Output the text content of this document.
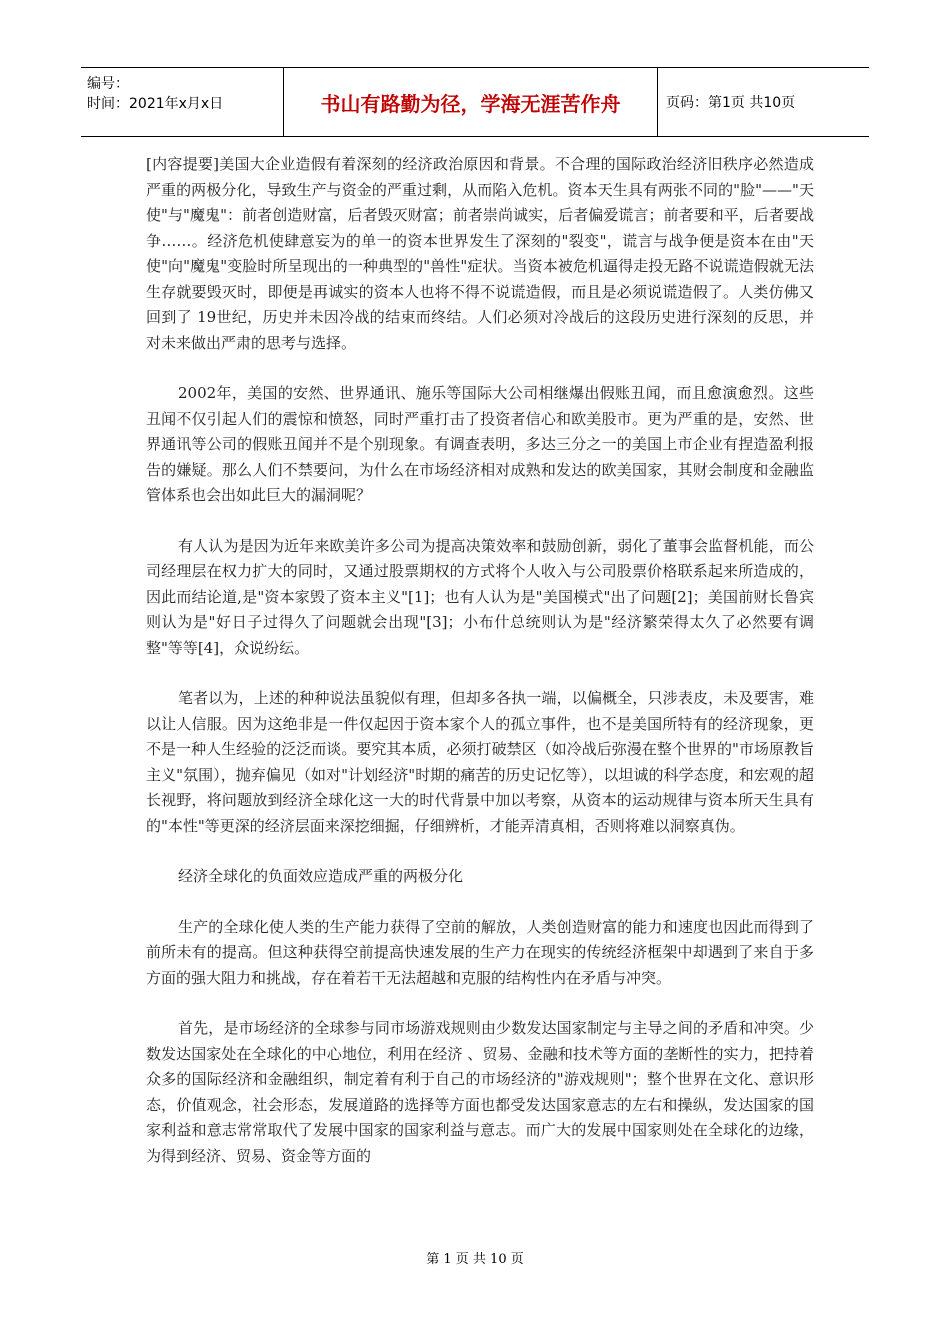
编号：
时间：2021年x月x日	书山有路勤为径，学海无涯苦作舟	页码：第1页 共10页

[内容提要]美国大企业造假有着深刻的经济政治原因和背景。不合理的国际政治经济旧秩序必然造成严重的两极分化，导致生产与资金的严重过剩，从而陷入危机。资本天生具有两张不同的"脸"——"天使"与"魔鬼"：前者创造财富，后者毁灭财富；前者崇尚诚实，后者偏爱谎言；前者要和平，后者要战争……。经济危机使肆意妄为的单一的资本世界发生了深刻的"裂变"，谎言与战争便是资本在由"天使"向"魔鬼"变脸时所呈现出的一种典型的"兽性"症状。当资本被危机逼得走投无路不说谎造假就无法生存就要毁灭时，即便是再诚实的资本人也将不得不说谎造假，而且是必须说谎造假了。人类仿佛又回到了 19世纪，历史并未因冷战的结束而终结。人们必须对冷战后的这段历史进行深刻的反思，并对未来做出严肃的思考与选择。

2002年，美国的安然、世界通讯、施乐等国际大公司相继爆出假账丑闻，而且愈演愈烈。这些丑闻不仅引起人们的震惊和愤怒，同时严重打击了投资者信心和欧美股市。更为严重的是，安然、世界通讯等公司的假账丑闻并不是个别现象。有调查表明，多达三分之一的美国上市企业有捏造盈利报告的嫌疑。那么人们不禁要问，为什么在市场经济相对成熟和发达的欧美国家，其财会制度和金融监管体系也会出如此巨大的漏洞呢？

有人认为是因为近年来欧美许多公司为提高决策效率和鼓励创新，弱化了董事会监督机能，而公司经理层在权力扩大的同时，又通过股票期权的方式将个人收入与公司股票价格联系起来所造成的，因此而结论道,是"资本家毁了资本主义"[1]；也有人认为是"美国模式"出了问题[2]；美国前财长鲁宾则认为是"好日子过得久了问题就会出现"[3]；小布什总统则认为是"经济繁荣得太久了必然要有调整"等等[4]，众说纷纭。

笔者以为，上述的种种说法虽貌似有理，但却多各执一端，以偏概全，只涉表皮，未及要害，难以让人信服。因为这绝非是一件仅起因于资本家个人的孤立事件，也不是美国所特有的经济现象，更不是一种人生经验的泛泛而谈。要究其本质，必须打破禁区（如冷战后弥漫在整个世界的"市场原教旨主义"氛围），抛弃偏见（如对"计划经济"时期的痛苦的历史记忆等），以坦诚的科学态度，和宏观的超长视野，将问题放到经济全球化这一大的时代背景中加以考察，从资本的运动规律与资本所天生具有的"本性"等更深的经济层面来深挖细掘，仔细辨析，才能弄清真相，否则将难以洞察真伪。

经济全球化的负面效应造成严重的两极分化

生产的全球化使人类的生产能力获得了空前的解放，人类创造财富的能力和速度也因此而得到了前所未有的提高。但这种获得空前提高快速发展的生产力在现实的传统经济框架中却遇到了来自于多方面的强大阻力和挑战，存在着若干无法超越和克服的结构性内在矛盾与冲突。

首先，是市场经济的全球参与同市场游戏规则由少数发达国家制定与主导之间的矛盾和冲突。少数发达国家处在全球化的中心地位，利用在经济 、贸易、金融和技术等方面的垄断性的实力，把持着众多的国际经济和金融组织，制定着有利于自己的市场经济的"游戏规则"；整个世界在文化、意识形态，价值观念，社会形态，发展道路的选择等方面也都受发达国家意志的左右和操纵，发达国家的国家利益和意志常常取代了发展中国家的国家利益与意志。而广大的发展中国家则处在全球化的边缘，为得到经济、贸易、资金等方面的

第 1 页 共 10 页
